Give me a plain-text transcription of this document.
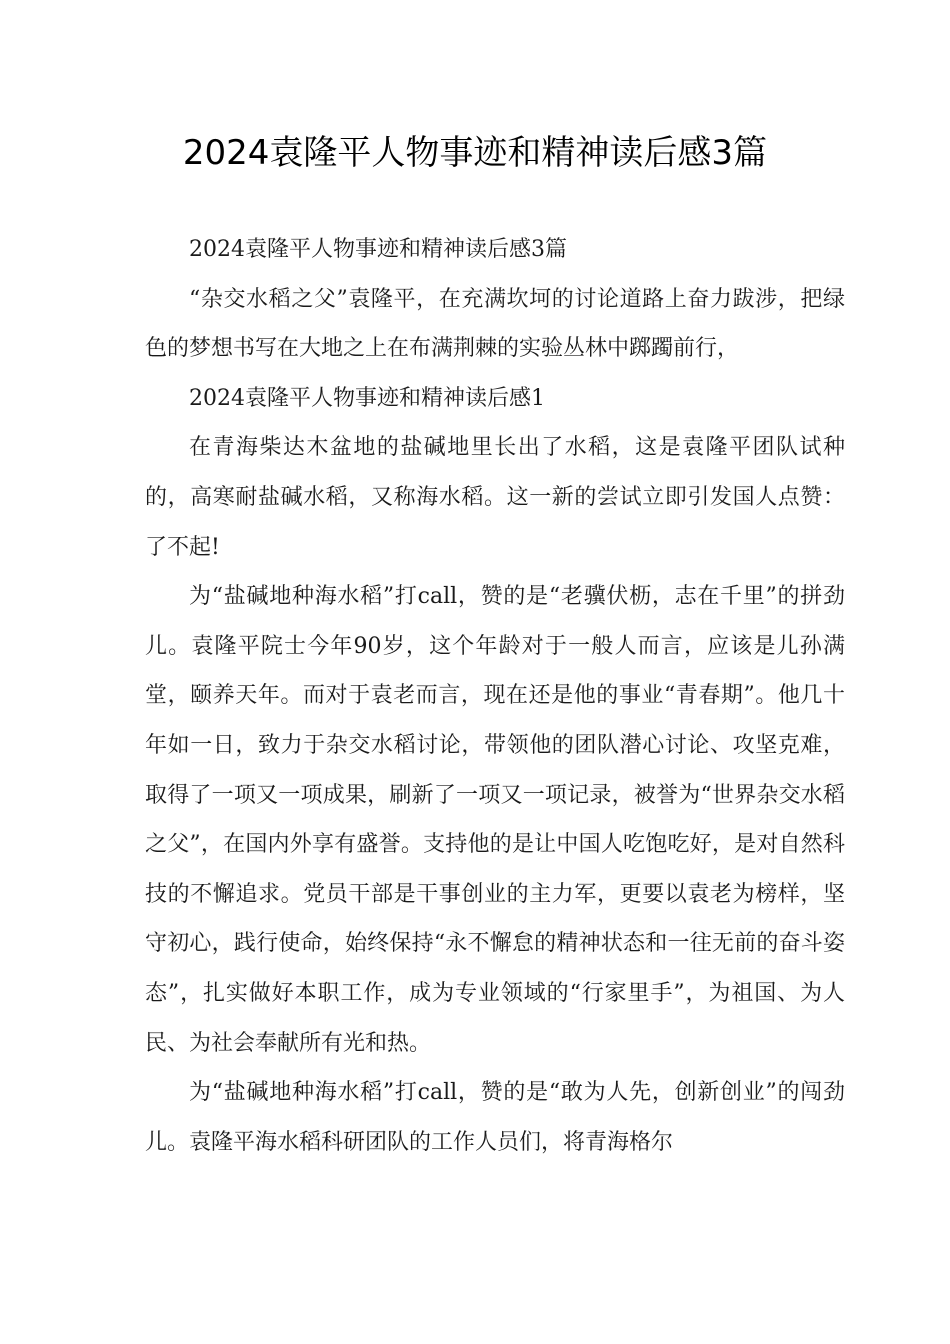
2024袁隆平人物事迹和精神读后感3篇

2024袁隆平人物事迹和精神读后感3篇

“杂交水稻之父”袁隆平，在充满坎坷的讨论道路上奋力跋涉，把绿色的梦想书写在大地之上在布满荆棘的实验丛林中踯躅前行，

2024袁隆平人物事迹和精神读后感1

在青海柴达木盆地的盐碱地里长出了水稻，这是袁隆平团队试种的，高寒耐盐碱水稻，又称海水稻。这一新的尝试立即引发国人点赞：了不起!

为“盐碱地种海水稻”打call，赞的是“老骥伏枥，志在千里”的拼劲儿。袁隆平院士今年90岁，这个年龄对于一般人而言，应该是儿孙满堂，颐养天年。而对于袁老而言，现在还是他的事业“青春期”。他几十年如一日，致力于杂交水稻讨论，带领他的团队潜心讨论、攻坚克难，取得了一项又一项成果，刷新了一项又一项记录，被誉为“世界杂交水稻之父”，在国内外享有盛誉。支持他的是让中国人吃饱吃好，是对自然科技的不懈追求。党员干部是干事创业的主力军，更要以袁老为榜样，坚守初心，践行使命，始终保持“永不懈怠的精神状态和一往无前的奋斗姿态”，扎实做好本职工作，成为专业领域的“行家里手”，为祖国、为人民、为社会奉献所有光和热。

为“盐碱地种海水稻”打call，赞的是“敢为人先，创新创业”的闯劲儿。袁隆平海水稻科研团队的工作人员们，将青海格尔
